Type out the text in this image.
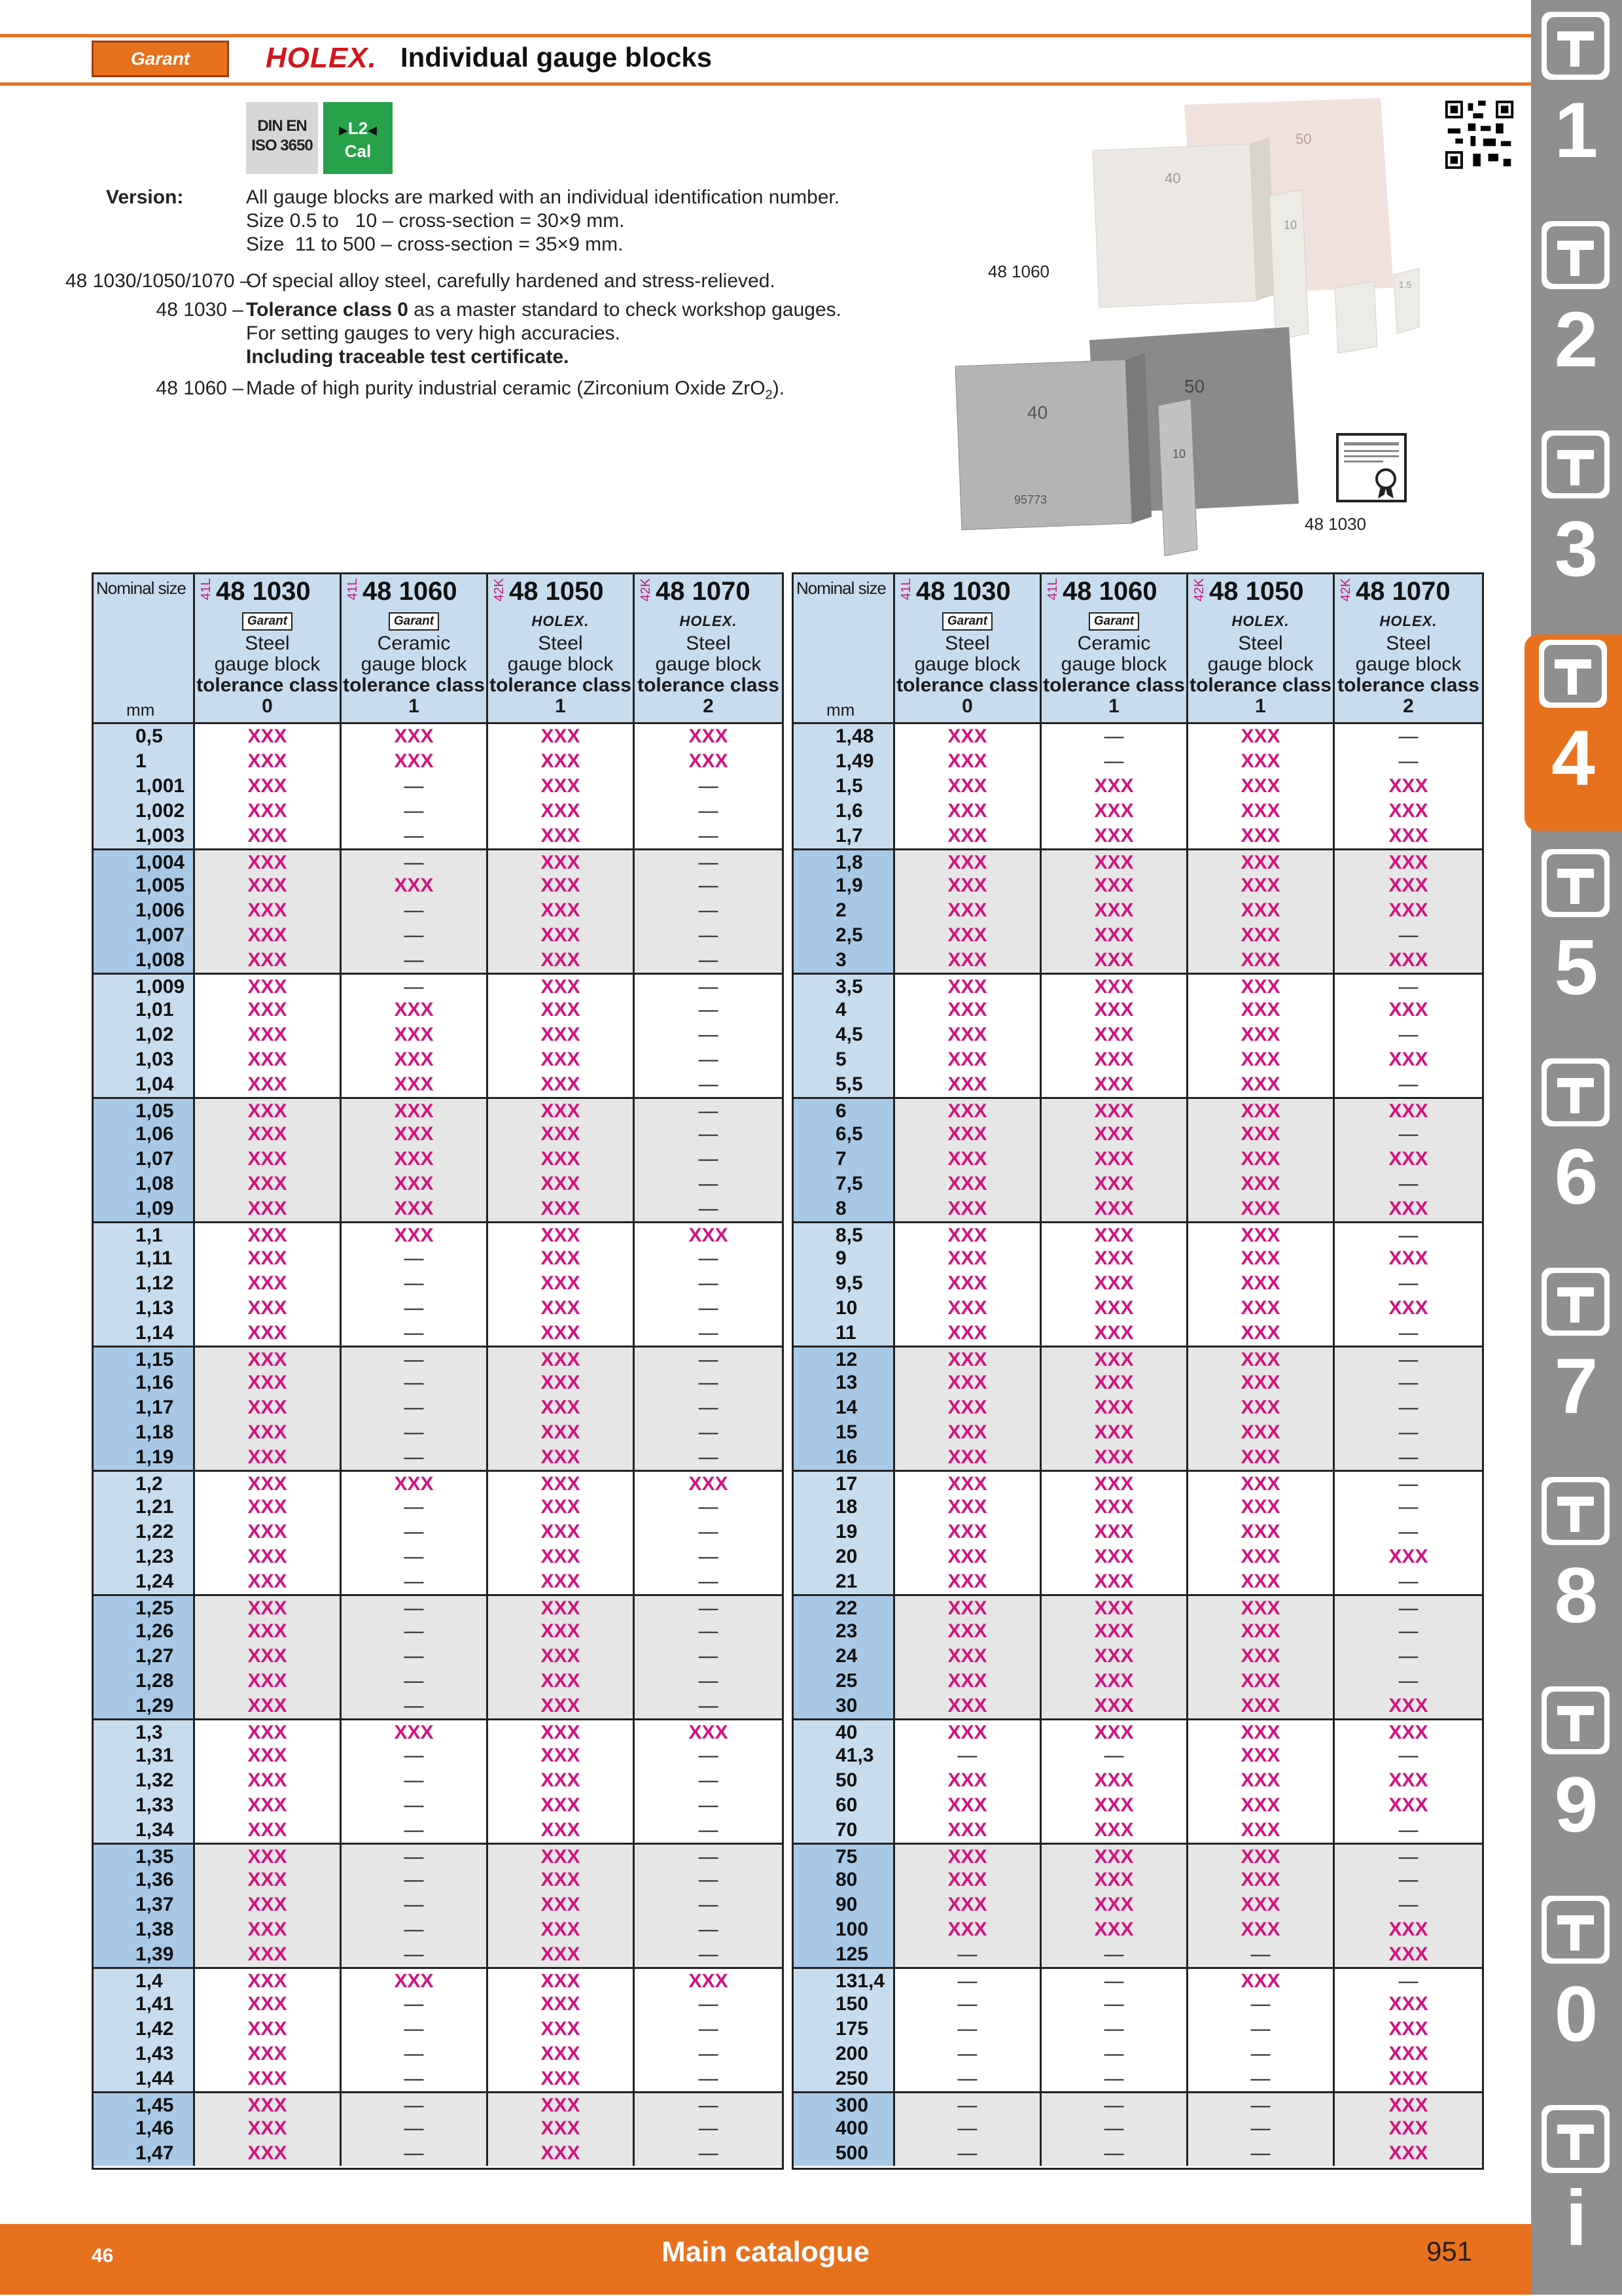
Garant	HOLEX. Individual gauge blocks
DIN EN
ISO 3650
▶L2◀
Cal
Version:	All gauge blocks are marked with an individual identification number.
Size 0.5 to   10 – cross-section = 30×9 mm.
Size  11 to 500 – cross-section = 35×9 mm.
48 1030/1050/1070 –
Of special alloy steel, carefully hardened and stress-relieved.
48 1030 – Tolerance class 0 as a master standard to check workshop gauges.
For setting gauges to very high accuracies.
Including traceable test certificate.
48 1060 – Made of high purity industrial ceramic (Zirconium Oxide ZrO$_2$).
40
50
10
1,5
48 1060
40
50
10
95773
48 1030
Nominal size
mm
41L 48 1030
Garant
Steel
gauge block
tolerance class
0
41L 48 1060
Garant
Ceramic
gauge block
tolerance class
1
42K 48 1050
HOLEX.
Steel
gauge block
tolerance class
1
42K 48 1070
HOLEX.
Steel
gauge block
tolerance class
2
0,5	XXX	XXX	XXX	XXX
1	XXX	XXX	XXX	XXX
1,001	XXX	—	XXX	—
1,002	XXX	—	XXX	—
1,003	XXX	—	XXX	—
1,004	XXX	—	XXX	—
1,005	XXX	XXX	XXX	—
1,006	XXX	—	XXX	—
1,007	XXX	—	XXX	—
1,008	XXX	—	XXX	—
1,009	XXX	—	XXX	—
1,01	XXX	XXX	XXX	—
1,02	XXX	XXX	XXX	—
1,03	XXX	XXX	XXX	—
1,04	XXX	XXX	XXX	—
1,05	XXX	XXX	XXX	—
1,06	XXX	XXX	XXX	—
1,07	XXX	XXX	XXX	—
1,08	XXX	XXX	XXX	—
1,09	XXX	XXX	XXX	—
1,1	XXX	XXX	XXX	XXX
1,11	XXX	—	XXX	—
1,12	XXX	—	XXX	—
1,13	XXX	—	XXX	—
1,14	XXX	—	XXX	—
1,15	XXX	—	XXX	—
1,16	XXX	—	XXX	—
1,17	XXX	—	XXX	—
1,18	XXX	—	XXX	—
1,19	XXX	—	XXX	—
1,2	XXX	XXX	XXX	XXX
1,21	XXX	—	XXX	—
1,22	XXX	—	XXX	—
1,23	XXX	—	XXX	—
1,24	XXX	—	XXX	—
1,25	XXX	—	XXX	—
1,26	XXX	—	XXX	—
1,27	XXX	—	XXX	—
1,28	XXX	—	XXX	—
1,29	XXX	—	XXX	—
1,3	XXX	XXX	XXX	XXX
1,31	XXX	—	XXX	—
1,32	XXX	—	XXX	—
1,33	XXX	—	XXX	—
1,34	XXX	—	XXX	—
1,35	XXX	—	XXX	—
1,36	XXX	—	XXX	—
1,37	XXX	—	XXX	—
1,38	XXX	—	XXX	—
1,39	XXX	—	XXX	—
1,4	XXX	XXX	XXX	XXX
1,41	XXX	—	XXX	—
1,42	XXX	—	XXX	—
1,43	XXX	—	XXX	—
1,44	XXX	—	XXX	—
1,45	XXX	—	XXX	—
1,46	XXX	—	XXX	—
1,47	XXX	—	XXX	—
Nominal size
mm
41L 48 1030
Garant
Steel
gauge block
tolerance class
0
41L 48 1060
Garant
Ceramic
gauge block
tolerance class
1
42K 48 1050
HOLEX.
Steel
gauge block
tolerance class
1
42K 48 1070
HOLEX.
Steel
gauge block
tolerance class
2
1,48	XXX	—	XXX	—
1,49	XXX	—	XXX	—
1,5	XXX	XXX	XXX	XXX
1,6	XXX	XXX	XXX	XXX
1,7	XXX	XXX	XXX	XXX
1,8	XXX	XXX	XXX	XXX
1,9	XXX	XXX	XXX	XXX
2	XXX	XXX	XXX	XXX
2,5	XXX	XXX	XXX	—
3	XXX	XXX	XXX	XXX
3,5	XXX	XXX	XXX	—
4	XXX	XXX	XXX	XXX
4,5	XXX	XXX	XXX	—
5	XXX	XXX	XXX	XXX
5,5	XXX	XXX	XXX	—
6	XXX	XXX	XXX	XXX
6,5	XXX	XXX	XXX	—
7	XXX	XXX	XXX	XXX
7,5	XXX	XXX	XXX	—
8	XXX	XXX	XXX	XXX
8,5	XXX	XXX	XXX	—
9	XXX	XXX	XXX	XXX
9,5	XXX	XXX	XXX	—
10	XXX	XXX	XXX	XXX
11	XXX	XXX	XXX	—
12	XXX	XXX	XXX	—
13	XXX	XXX	XXX	—
14	XXX	XXX	XXX	—
15	XXX	XXX	XXX	—
16	XXX	XXX	XXX	—
17	XXX	XXX	XXX	—
18	XXX	XXX	XXX	—
19	XXX	XXX	XXX	—
20	XXX	XXX	XXX	XXX
21	XXX	XXX	XXX	—
22	XXX	XXX	XXX	—
23	XXX	XXX	XXX	—
24	XXX	XXX	XXX	—
25	XXX	XXX	XXX	—
30	XXX	XXX	XXX	XXX
40	XXX	XXX	XXX	XXX
41,3	—	—	XXX	—
50	XXX	XXX	XXX	XXX
60	XXX	XXX	XXX	XXX
70	XXX	XXX	XXX	—
75	XXX	XXX	XXX	—
80	XXX	XXX	XXX	—
90	XXX	XXX	XXX	—
100	XXX	XXX	XXX	XXX
125	—	—	—	XXX
131,4	—	—	XXX	—
150	—	—	—	XXX
175	—	—	—	XXX
200	—	—	—	XXX
250	—	—	—	XXX
300	—	—	—	XXX
400	—	—	—	XXX
500	—	—	—	XXX
1
2
3
4
5
6
7
8
9
0
i
46	Main catalogue	951
